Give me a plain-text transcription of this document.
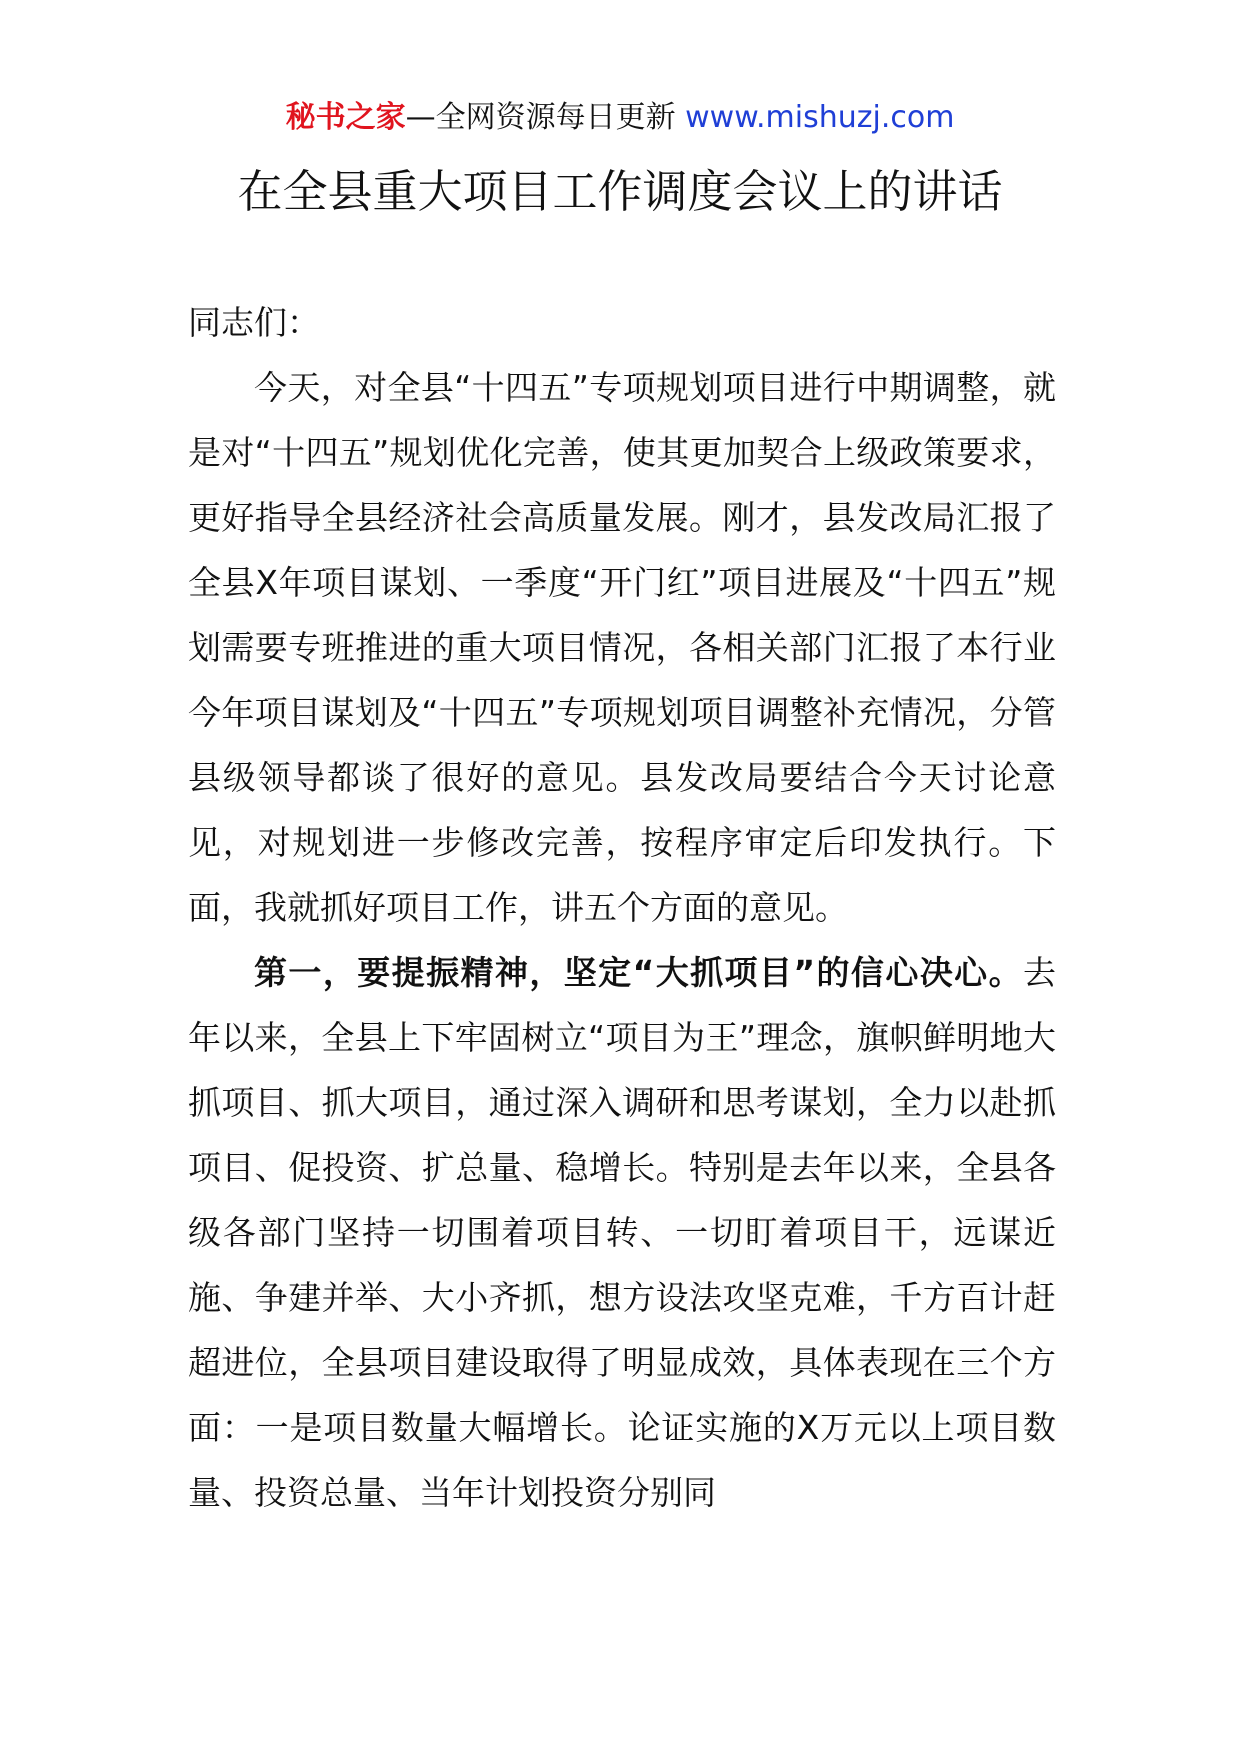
秘书之家—全网资源每日更新 www.mishuzj.com
在全县重大项目工作调度会议上的讲话

同志们：

今天，对全县“十四五”专项规划项目进行中期调整，就是对“十四五”规划优化完善，使其更加契合上级政策要求，更好指导全县经济社会高质量发展。刚才，县发改局汇报了全县X年项目谋划、一季度“开门红”项目进展及“十四五”规划需要专班推进的重大项目情况，各相关部门汇报了本行业今年项目谋划及“十四五”专项规划项目调整补充情况，分管县级领导都谈了很好的意见。县发改局要结合今天讨论意见，对规划进一步修改完善，按程序审定后印发执行。下面，我就抓好项目工作，讲五个方面的意见。

第一，要提振精神，坚定“大抓项目”的信心决心。去年以来，全县上下牢固树立“项目为王”理念，旗帜鲜明地大抓项目、抓大项目，通过深入调研和思考谋划，全力以赴抓项目、促投资、扩总量、稳增长。特别是去年以来，全县各级各部门坚持一切围着项目转、一切盯着项目干，远谋近施、争建并举、大小齐抓，想方设法攻坚克难，千方百计赶超进位，全县项目建设取得了明显成效，具体表现在三个方面：一是项目数量大幅增长。论证实施的X万元以上项目数量、投资总量、当年计划投资分别同
